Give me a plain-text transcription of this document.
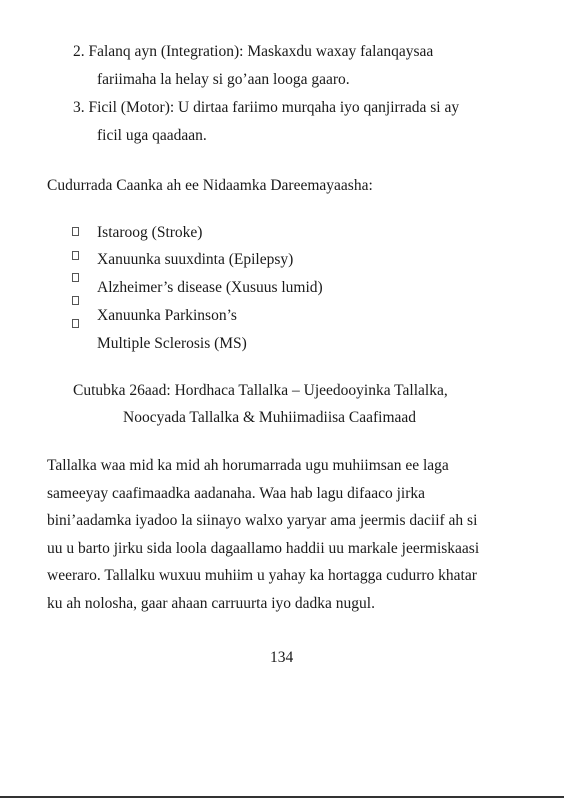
2. Falanq ayn (Integration): Maskaxdu waxay falanqaysaa
fariimaha la helay si go’aan looga gaaro.
3. Ficil (Motor): U dirtaa fariimo murqaha iyo qanjirrada si ay
ficil uga qaadaan.
Cudurrada Caanka ah ee Nidaamka Dareemayaasha:
Istaroog (Stroke)
Xanuunka suuxdinta (Epilepsy)
Alzheimer’s disease (Xusuus lumid)
Xanuunka Parkinson’s
Multiple Sclerosis (MS)
Cutubka 26aad: Hordhaca Tallalka – Ujeedooyinka Tallalka,
Noocyada Tallalka & Muhiimadiisa Caafimaad
Tallalka waa mid ka mid ah horumarrada ugu muhiimsan ee laga
sameeyay caafimaadka aadanaha. Waa hab lagu difaaco jirka
bini’aadamka iyadoo la siinayo walxo yaryar ama jeermis daciif ah si
uu u barto jirku sida loola dagaallamo haddii uu markale jeermiskaasi
weeraro. Tallalku wuxuu muhiim u yahay ka hortagga cudurro khatar
ku ah nolosha, gaar ahaan carruurta iyo dadka nugul.
134
